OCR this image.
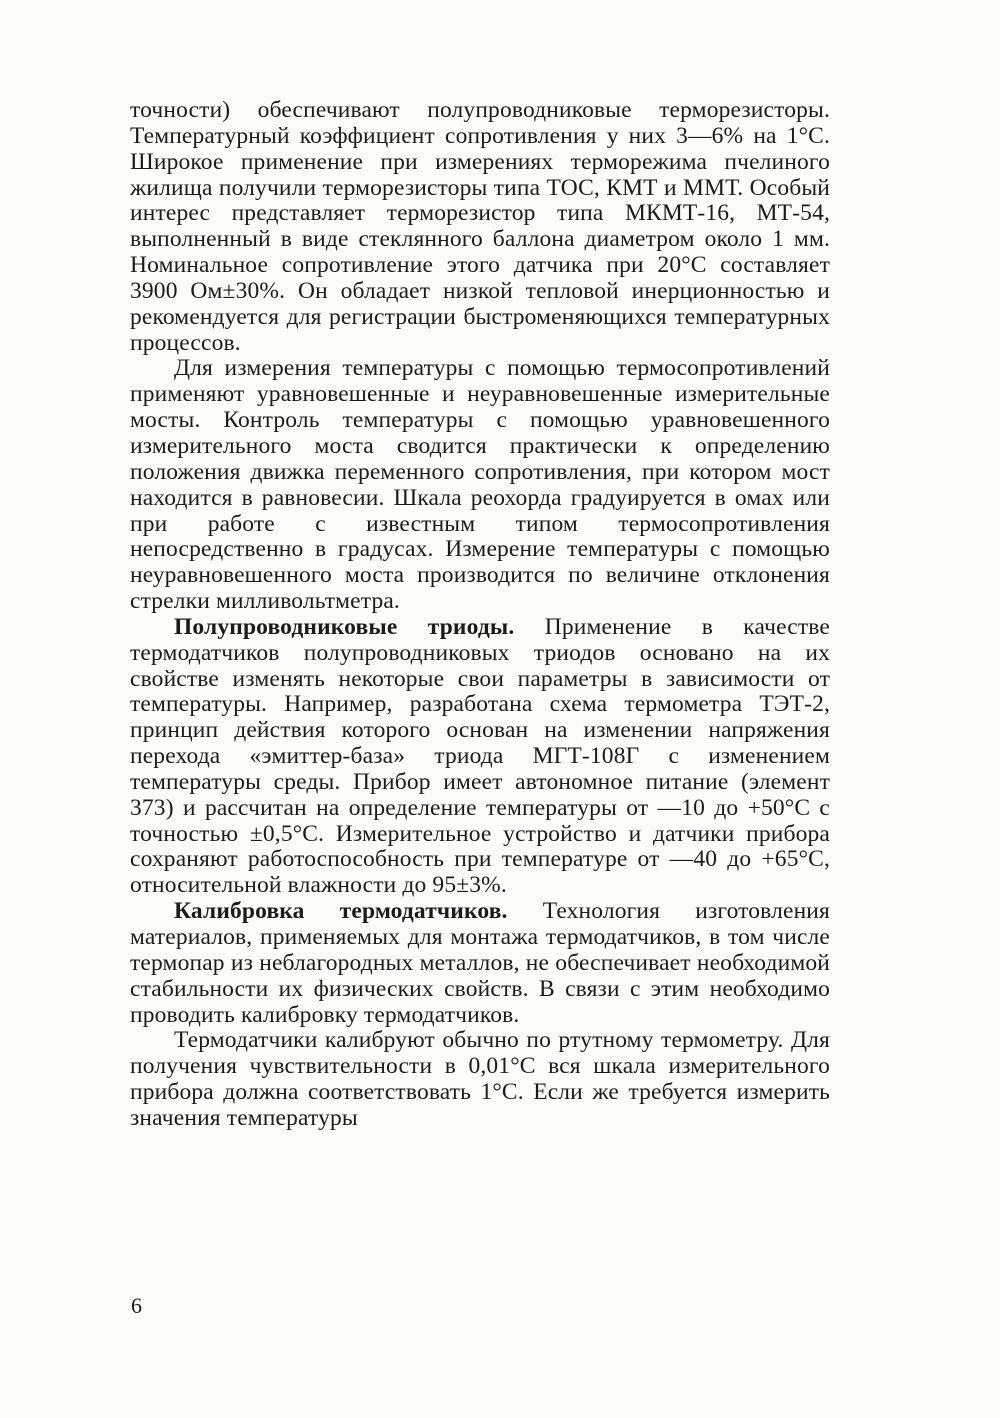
точности) обеспечивают полупроводниковые терморезисторы. Температурный коэффициент сопротивления у них 3—6% на 1°С. Широкое применение при измерениях терморежима пчелиного жилища получили терморезисторы типа ТОС, КМТ и ММТ. Особый интерес представляет терморезистор типа МКМТ-16, МТ-54, выполненный в виде стеклянного баллона диаметром около 1 мм. Номинальное сопротивление этого датчика при 20°С составляет 3900 Ом±30%. Он обладает низкой тепловой инерционностью и рекомендуется для регистрации быстроменяющихся температурных процессов.

Для измерения температуры с помощью термосопротивлений применяют уравновешенные и неуравновешенные измерительные мосты. Контроль температуры с помощью уравновешенного измерительного моста сводится практически к определению положения движка переменного сопротивления, при котором мост находится в равновесии. Шкала реохорда градуируется в омах или при работе с известным типом термосопротивления непосредственно в градусах. Измерение температуры с помощью неуравновешенного моста производится по величине отклонения стрелки милливольтметра.

Полупроводниковые триоды. Применение в качестве термодатчиков полупроводниковых триодов основано на их свойстве изменять некоторые свои параметры в зависимости от температуры. Например, разработана схема термометра ТЭТ-2, принцип действия которого основан на изменении напряжения перехода «эмиттер-база» триода МГТ-108Г с изменением температуры среды. Прибор имеет автономное питание (элемент 373) и рассчитан на определение температуры от —10 до +50°С с точностью ±0,5°С. Измерительное устройство и датчики прибора сохраняют работоспособность при температуре от —40 до +65°С, относительной влажности до 95±3%.

Калибровка термодатчиков. Технология изготовления материалов, применяемых для монтажа термодатчиков, в том числе термопар из неблагородных металлов, не обеспечивает необходимой стабильности их физических свойств. В связи с этим необходимо проводить калибровку термодатчиков.

Термодатчики калибруют обычно по ртутному термометру. Для получения чувствительности в 0,01°С вся шкала измерительного прибора должна соответствовать 1°С. Если же требуется измерить значения температуры

6
